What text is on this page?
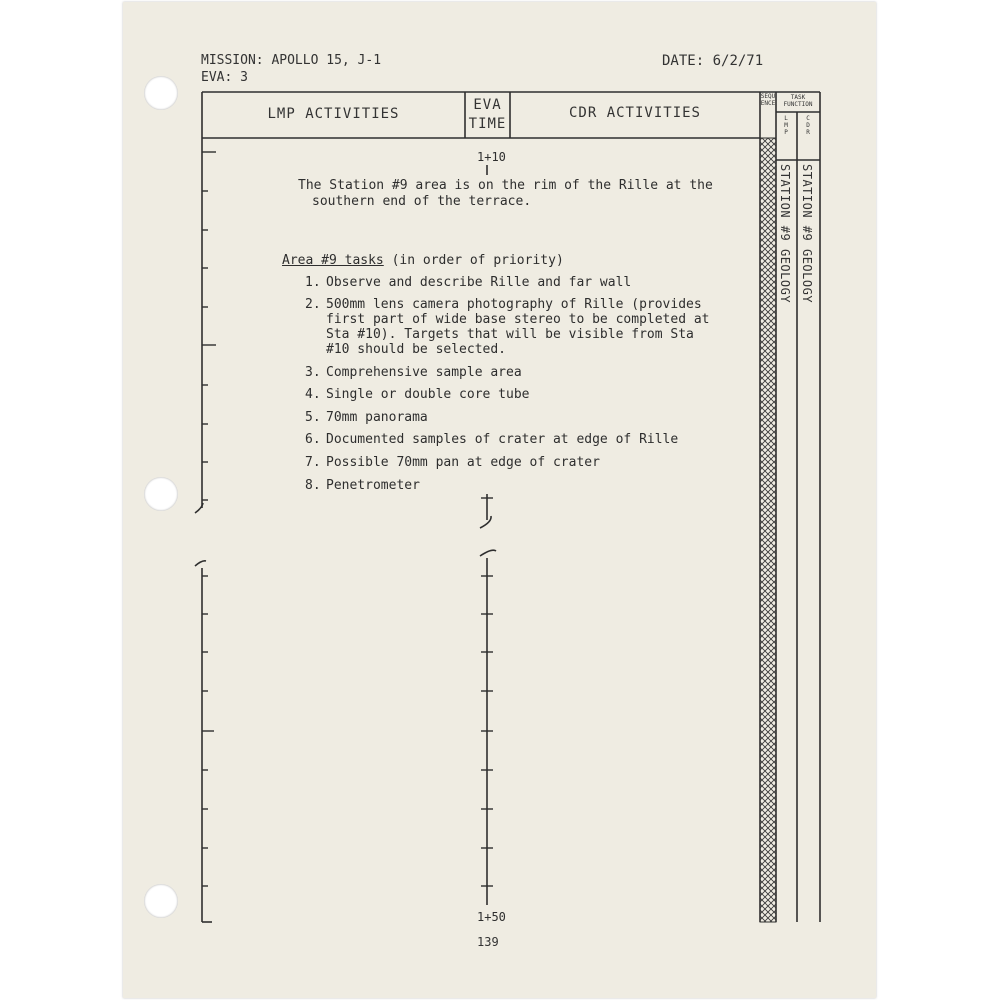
MISSION: APOLLO 15, J-1
EVA: 3
DATE: 6/2/71
LMP ACTIVITIES
EVA
TIME
CDR ACTIVITIES
SEQUENCE
TASK
FUNCTION
LMP
CDR
1+10
1+50
The Station #9 area is on the rim of the Rille at the
southern end of the terrace.
Area #9 tasks (in order of priority)
1. Observe and describe Rille and far wall
2. 500mm lens camera photography of Rille (provides
first part of wide base stereo to be completed at
Sta #10). Targets that will be visible from Sta
#10 should be selected.
3. Comprehensive sample area
4. Single or double core tube
5. 70mm panorama
6. Documented samples of crater at edge of Rille
7. Possible 70mm pan at edge of crater
8. Penetrometer
STATION #9 GEOLOGY STATION #9 GEOLOGY
139
